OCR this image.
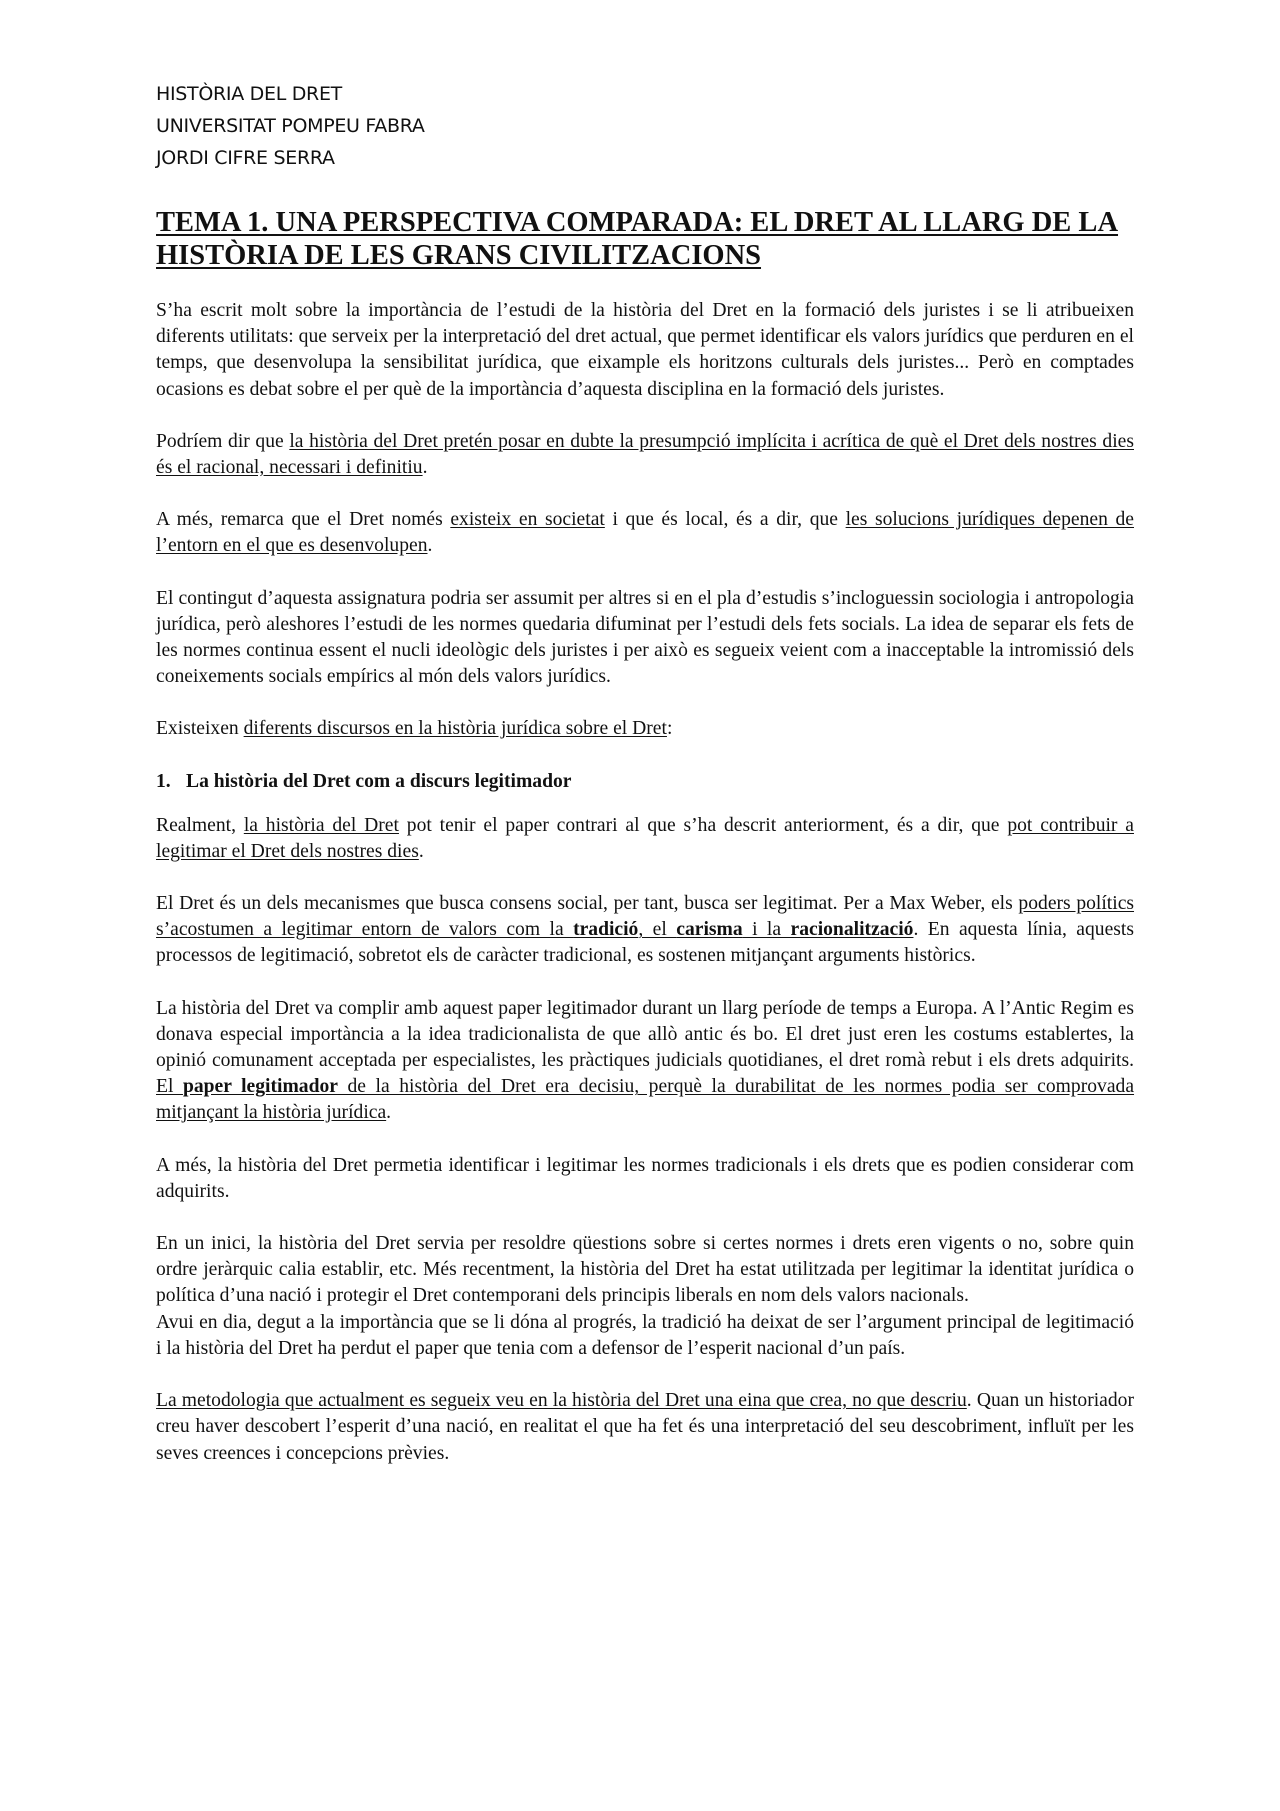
HISTÒRIA DEL DRET
UNIVERSITAT POMPEU FABRA
JORDI CIFRE SERRA
TEMA 1. UNA PERSPECTIVA COMPARADA: EL DRET AL LLARG DE LA HISTÒRIA DE LES GRANS CIVILITZACIONS

S’ha escrit molt sobre la importància de l’estudi de la història del Dret en la formació dels juristes i se li atribueixen diferents utilitats: que serveix per la interpretació del dret actual, que permet identificar els valors jurídics que perduren en el temps, que desenvolupa la sensibilitat jurídica, que eixample els horitzons culturals dels juristes... Però en comptades ocasions es debat sobre el per què de la importància d’aquesta disciplina en la formació dels juristes.

Podríem dir que la història del Dret pretén posar en dubte la presumpció implícita i acrítica de què el Dret dels nostres dies és el racional, necessari i definitiu.

A més, remarca que el Dret només existeix en societat i que és local, és a dir, que les solucions jurídiques depenen de l’entorn en el que es desenvolupen.

El contingut d’aquesta assignatura podria ser assumit per altres si en el pla d’estudis s’incloguessin sociologia i antropologia jurídica, però aleshores l’estudi de les normes quedaria difuminat per l’estudi dels fets socials. La idea de separar els fets de les normes continua essent el nucli ideològic dels juristes i per això es segueix veient com a inacceptable la intromissió dels coneixements socials empírics al món dels valors jurídics.

Existeixen diferents discursos en la història jurídica sobre el Dret:

1. La història del Dret com a discurs legitimador

Realment, la història del Dret pot tenir el paper contrari al que s’ha descrit anteriorment, és a dir, que pot contribuir a legitimar el Dret dels nostres dies.

El Dret és un dels mecanismes que busca consens social, per tant, busca ser legitimat. Per a Max Weber, els poders polítics s’acostumen a legitimar entorn de valors com la tradició, el carisma i la racionalització. En aquesta línia, aquests processos de legitimació, sobretot els de caràcter tradicional, es sostenen mitjançant arguments històrics.

La història del Dret va complir amb aquest paper legitimador durant un llarg període de temps a Europa. A l’Antic Regim es donava especial importància a la idea tradicionalista de que allò antic és bo. El dret just eren les costums establertes, la opinió comunament acceptada per especialistes, les pràctiques judicials quotidianes, el dret romà rebut i els drets adquirits. El paper legitimador de la història del Dret era decisiu, perquè la durabilitat de les normes podia ser comprovada mitjançant la història jurídica.

A més, la història del Dret permetia identificar i legitimar les normes tradicionals i els drets que es podien considerar com adquirits.

En un inici, la història del Dret servia per resoldre qüestions sobre si certes normes i drets eren vigents o no, sobre quin ordre jeràrquic calia establir, etc. Més recentment, la història del Dret ha estat utilitzada per legitimar la identitat jurídica o política d’una nació i protegir el Dret contemporani dels principis liberals en nom dels valors nacionals.

Avui en dia, degut a la importància que se li dóna al progrés, la tradició ha deixat de ser l’argument principal de legitimació i la història del Dret ha perdut el paper que tenia com a defensor de l’esperit nacional d’un país.

La metodologia que actualment es segueix veu en la història del Dret una eina que crea, no que descriu. Quan un historiador creu haver descobert l’esperit d’una nació, en realitat el que ha fet és una interpretació del seu descobriment, influït per les seves creences i concepcions prèvies.
